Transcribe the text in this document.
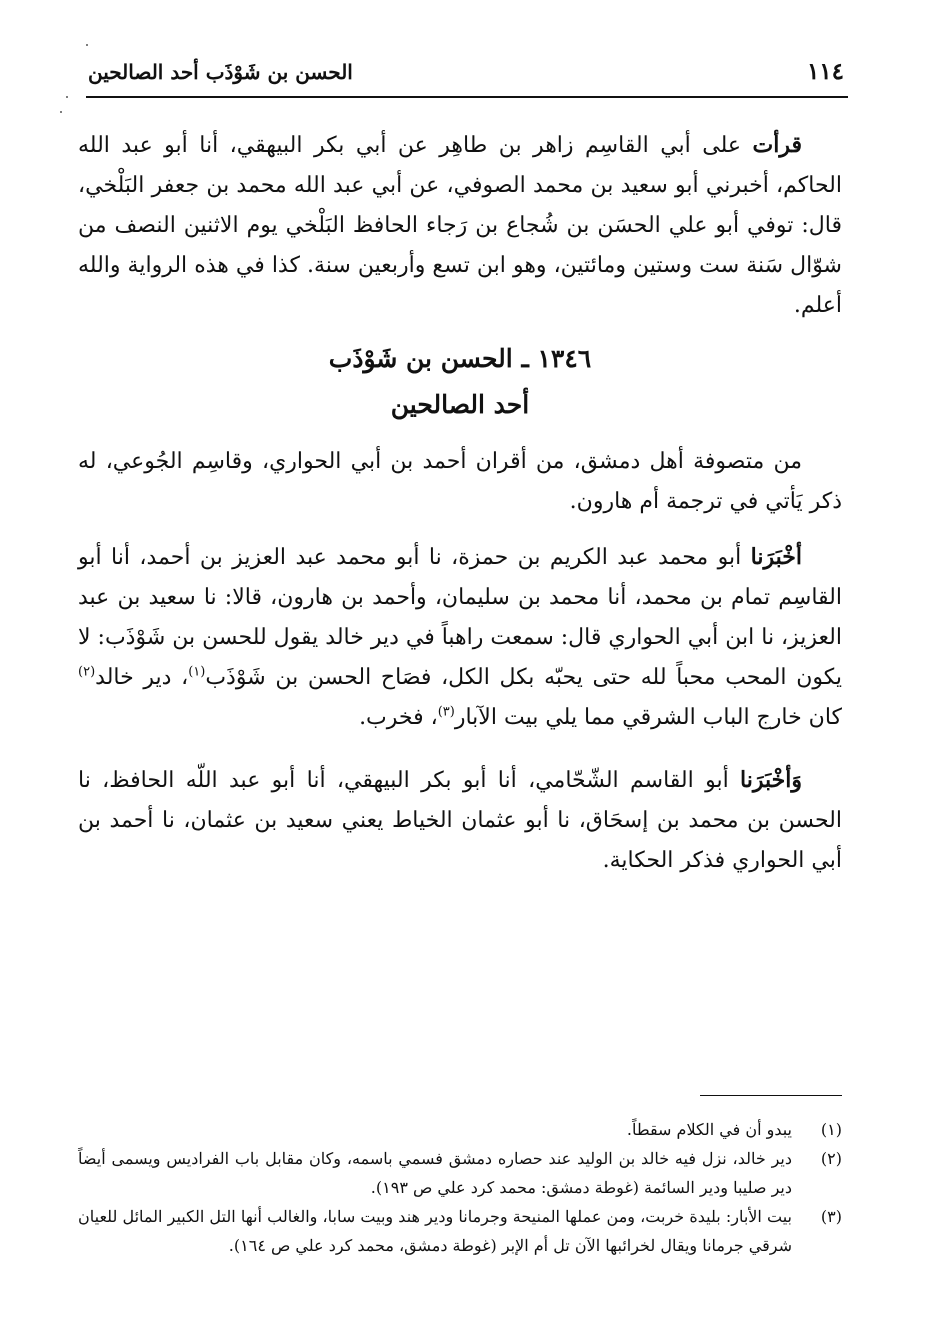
١١٤
الحسن بن شَوْذَب أحد الصالحين
قرأت على أبي القاسِم زاهر بن طاهِر عن أبي بكر البيهقي، أنا أبو عبد الله الحاكم، أخبرني أبو سعيد بن محمد الصوفي، عن أبي عبد الله محمد بن جعفر البَلْخي، قال: توفي أبو علي الحسَن بن شُجاع بن رَجاء الحافظ البَلْخي يوم الاثنين النصف من شوّال سَنة ست وستين ومائتين، وهو ابن تسع وأربعين سنة. كذا في هذه الرواية والله أعلم.
١٣٤٦ ـ الحسن بن شَوْذَب
أحد الصالحين
من متصوفة أهل دمشق، من أقران أحمد بن أبي الحواري، وقاسِم الجُوعي، له ذكر يَأتي في ترجمة أم هارون.
أخْبَرَنا أبو محمد عبد الكريم بن حمزة، نا أبو محمد عبد العزيز بن أحمد، أنا أبو القاسِم تمام بن محمد، أنا محمد بن سليمان، وأحمد بن هارون، قالا: نا سعيد بن عبد العزيز، نا ابن أبي الحواري قال: سمعت راهباً في دير خالد يقول للحسن بن شَوْذَب: لا يكون المحب محباً لله حتى يحبّه بكل الكل، فصَاح الحسن بن شَوْذَب$^{(١)}$، دير خالد$^{(٢)}$ كان خارج الباب الشرقي مما يلي بيت الآبار$^{(٣)}$، فخرب.
وَأخْبَرَنا أبو القاسم الشّحّامي، أنا أبو بكر البيهقي، أنا أبو عبد اللّه الحافظ، نا الحسن بن محمد بن إسحَاق، نا أبو عثمان الخياط يعني سعيد بن عثمان، نا أحمد بن أبي الحواري فذكر الحكاية.
(١)
يبدو أن في الكلام سقطاً.
(٢)
دير خالد، نزل فيه خالد بن الوليد عند حصاره دمشق فسمي باسمه، وكان مقابل باب الفراديس ويسمى أيضاً دير صليبا ودير السائمة (غوطة دمشق: محمد كرد علي ص ١٩٣).
(٣)
بيت الأبار: بليدة خربت، ومن عملها المنيحة وجرمانا ودير هند وبيت سابا، والغالب أنها التل الكبير المائل للعيان شرقي جرمانا ويقال لخرائبها الآن تل أم الإبر (غوطة دمشق، محمد كرد علي ص ١٦٤).
